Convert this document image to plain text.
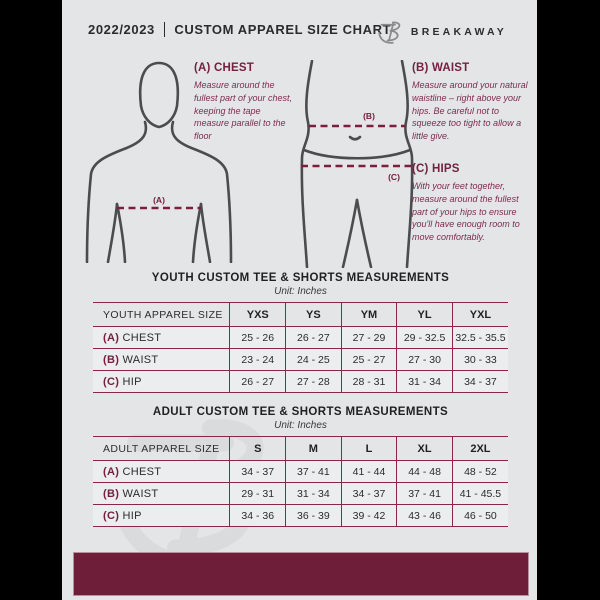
2022/2023 CUSTOM APPAREL SIZE CHART BREAKAWAY
(A)
(B)
(C)
(A) CHEST

Measure around the fullest part of your chest, keeping the tape measure parallel to the floor

(B) WAIST

Measure around your natural waistline – right above your hips. Be careful not to squeeze too tight to allow a little give.

(C) HIPS

With your feet together, measure around the fullest part of your hips to ensure you'll have enough room to move comfortably.

YOUTH CUSTOM TEE & SHORTS MEASUREMENTS
Unit: Inches
YOUTH APPAREL SIZE	YXS	YS	YM	YL	YXL
(A) CHEST	25 - 26	26 - 27	27 - 29	29 - 32.5	32.5 - 35.5
(B) WAIST	23 - 24	24 - 25	25 - 27	27 - 30	30 - 33
(C) HIP	26 - 27	27 - 28	28 - 31	31 - 34	34 - 37
ADULT CUSTOM TEE & SHORTS MEASUREMENTS
Unit: Inches
ADULT APPAREL SIZE	S	M	L	XL	2XL
(A) CHEST	34 - 37	37 - 41	41 - 44	44 - 48	48 - 52
(B) WAIST	29 - 31	31 - 34	34 - 37	37 - 41	41 - 45.5
(C) HIP	34 - 36	36 - 39	39 - 42	43 - 46	46 - 50
